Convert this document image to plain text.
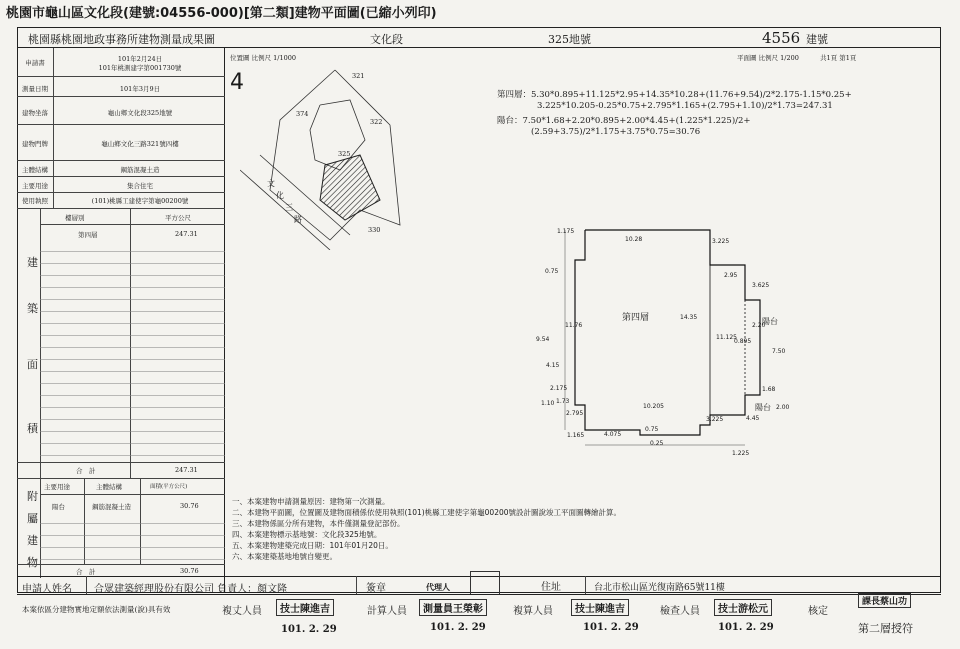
桃園市龜山區文化段(建號:04556-000)[第二類]建物平面圖(已縮小列印)
桃園縣桃園地政事務所建物測量成果圖	文化段	325地號	4556 建號
申請書	101年2月24日
101年桃測建字第001730號
測量日期	101年3月9日
建物坐落	龜山鄉文化段325地號
建物門牌	龜山鄉文化三路321號四樓
主體結構	鋼筋混凝土造
主要用途	集合住宅
使用執照	(101)桃縣工建使字第龜00200號
樓層別	平方公尺
第四層	247.31
建
築
面
積
合　計	247.31
主要用途	主體結構	面積(平方公尺)
陽台	鋼筋混凝土造	30.76
附
屬
建
物
合　計	30.76
位置圖 比例尺 1/1000
4	321
374
322
325
330
文
化
三
路
平面圖 比例尺 1/200	共1頁 第1頁
第四層：5.30*0.895+11.125*2.95+14.35*10.28+(11.76+9.54)/2*2.175-1.15*0.25+
3.225*10.205-0.25*0.75+2.795*1.165+(2.795+1.10)/2*1.73=247.31
陽台：7.50*1.68+2.20*0.895+2.00*4.45+(1.225*1.225)/2+
(2.59+3.75)/2*1.175+3.75*0.75=30.76
第四層	陽台
陽台
1.175
10.28	3.225
2.95
3.625
2.20
7.50
0.895
1.68
9.54
11.76
14.35
11.125
4.15
2.175
0.75
1.10 1.73
2.795
10.205
3.225
2.00
4.45
1.165	4.075
0.75
0.25
1.225
一、本案建物申請測量原因：建物第一次測量。
二、本建物平面圖，位置圖及建物面積係依使用執照(101)桃縣工建使字第龜00200號設計圖說竣工平面圖轉繪計算。
三、本建物係區分所有建物，本件僅測量登記部份。
四、本案建物標示基地號：文化段325地號。
五、本案建物建築完成日期：101年01月20日。
六、本案建築基地地號自變更。
申請人姓名 合眾建築經理股份有限公司 負責人：顏文隆	簽章	代理人	住址	台北市松山區光復南路65號11樓
本案依區分建物實地定額依法測量(說)具有效	複丈人員	技士陳進吉	計算人員	測量員王榮彰	複算人員	技士陳進吉	檢查人員	技士游松元	核定
課長蔡山功
101. 2. 29	101. 2. 29	101. 2. 29	101. 2. 29	第二層授符
